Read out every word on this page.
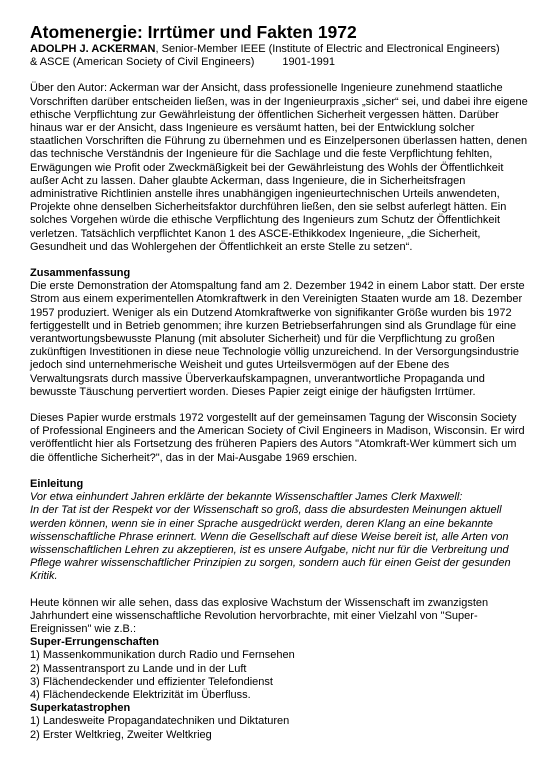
Atomenergie: Irrtümer und Fakten 1972
ADOLPH J. ACKERMAN, Senior-Member IEEE (Institute of Electric and Electronical Engineers)
& ASCE (American Society of Civil Engineers)	1901-1991

Über den Autor: Ackerman war der Ansicht, dass professionelle Ingenieure zunehmend staatliche Vorschriften darüber entscheiden ließen, was in der Ingenieurpraxis „sicher“ sei, und dabei ihre eigene ethische Verpflichtung zur Gewährleistung der öffentlichen Sicherheit vergessen hätten. Darüber hinaus war er der Ansicht, dass Ingenieure es versäumt hatten, bei der Entwicklung solcher staatlichen Vorschriften die Führung zu übernehmen und es Einzelpersonen überlassen hatten, denen das technische Verständnis der Ingenieure für die Sachlage und die feste Verpflichtung fehlten, Erwägungen wie Profit oder Zweckmäßigkeit bei der Gewährleistung des Wohls der Öffentlichkeit außer Acht zu lassen. Daher glaubte Ackerman, dass Ingenieure, die in Sicherheitsfragen administrative Richtlinien anstelle ihres unabhängigen ingenieurtechnischen Urteils anwendeten, Projekte ohne denselben Sicherheitsfaktor durchführen ließen, den sie selbst auferlegt hätten. Ein solches Vorgehen würde die ethische Verpflichtung des Ingenieurs zum Schutz der Öffentlichkeit verletzen. Tatsächlich verpflichtet Kanon 1 des ASCE-Ethikkodex Ingenieure, „die Sicherheit, Gesundheit und das Wohlergehen der Öffentlichkeit an erste Stelle zu setzen“.

Zusammenfassung

Die erste Demonstration der Atomspaltung fand am 2. Dezember 1942 in einem Labor statt. Der erste Strom aus einem experimentellen Atomkraftwerk in den Vereinigten Staaten wurde am 18. Dezember 1957 produziert. Weniger als ein Dutzend Atomkraftwerke von signifikanter Größe wurden bis 1972 fertiggestellt und in Betrieb genommen; ihre kurzen Betriebserfahrungen sind als Grundlage für eine verantwortungsbewusste Planung (mit absoluter Sicherheit) und für die Verpflichtung zu großen zukünftigen Investitionen in diese neue Technologie völlig unzureichend. In der Versorgungsindustrie jedoch sind unternehmerische Weisheit und gutes Urteilsvermögen auf der Ebene des Verwaltungsrats durch massive Überverkaufskampagnen, unverantwortliche Propaganda und bewusste Täuschung pervertiert worden. Dieses Papier zeigt einige der häufigsten Irrtümer.

Dieses Papier wurde erstmals 1972 vorgestellt auf der gemeinsamen Tagung der Wisconsin Society of Professional Engineers and the American Society of Civil Engineers in Madison, Wisconsin. Er wird veröffentlicht hier als Fortsetzung des früheren Papiers des Autors "Atomkraft-Wer kümmert sich um die öffentliche Sicherheit?", das in der Mai-Ausgabe 1969 erschien.

Einleitung

Vor etwa einhundert Jahren erklärte der bekannte Wissenschaftler James Clerk Maxwell:

In der Tat ist der Respekt vor der Wissenschaft so groß, dass die absurdesten Meinungen aktuell werden können, wenn sie in einer Sprache ausgedrückt werden, deren Klang an eine bekannte wissenschaftliche Phrase erinnert. Wenn die Gesellschaft auf diese Weise bereit ist, alle Arten von wissenschaftlichen Lehren zu akzeptieren, ist es unsere Aufgabe, nicht nur für die Verbreitung und Pflege wahrer wissenschaftlicher Prinzipien zu sorgen, sondern auch für einen Geist der gesunden Kritik.

Heute können wir alle sehen, dass das explosive Wachstum der Wissenschaft im zwanzigsten Jahrhundert eine wissenschaftliche Revolution hervorbrachte, mit einer Vielzahl von "Super-Ereignissen" wie z.B.:

Super-Errungenschaften
1) Massenkommunikation durch Radio und Fernsehen
2) Massentransport zu Lande und in der Luft
3) Flächendeckender und effizienter Telefondienst
4) Flächendeckende Elektrizität im Überfluss.
Superkatastrophen
1) Landesweite Propagandatechniken und Diktaturen
2) Erster Weltkrieg, Zweiter Weltkrieg
